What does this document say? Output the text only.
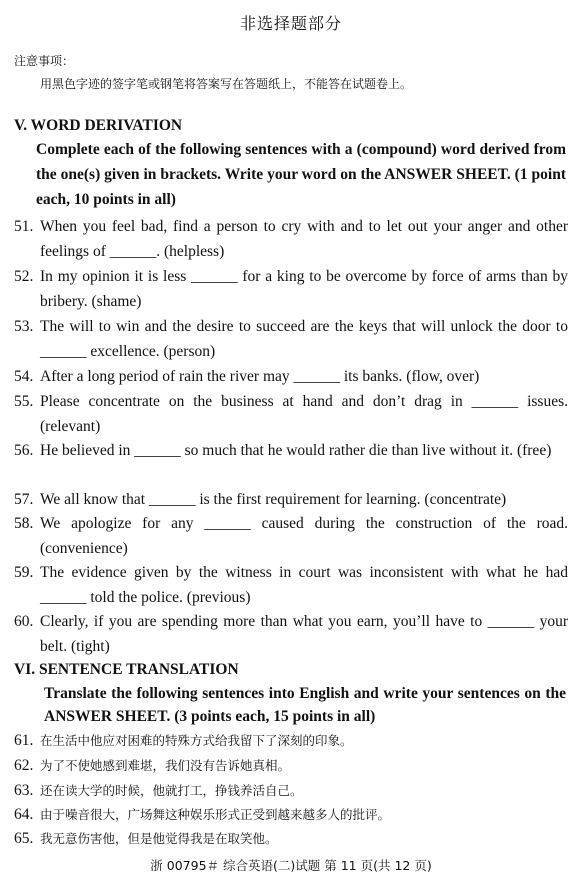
非选择题部分
注意事项：
用黑色字迹的签字笔或钢笔将答案写在答题纸上，不能答在试题卷上。
V. WORD DERIVATION
Complete each of the following sentences with a (compound) word derived from the one(s) given in brackets. Write your word on the ANSWER SHEET. (1 point each, 10 points in all)
51. When you feel bad, find a person to cry with and to let out your anger and other feelings of ______. (helpless)
52. In my opinion it is less ______ for a king to be overcome by force of arms than by bribery. (shame)
53. The will to win and the desire to succeed are the keys that will unlock the door to ______ excellence. (person)
54. After a long period of rain the river may ______ its banks. (flow, over)
55. Please concentrate on the business at hand and don’t drag in ______ issues. (relevant)
56. He believed in ______ so much that he would rather die than live without it. (free)
57. We all know that ______ is the first requirement for learning. (concentrate)
58. We apologize for any ______ caused during the construction of the road. (convenience)
59. The evidence given by the witness in court was inconsistent with what he had ______ told the police. (previous)
60. Clearly, if you are spending more than what you earn, you’ll have to ______ your belt. (tight)
VI. SENTENCE TRANSLATION
Translate the following sentences into English and write your sentences on the ANSWER SHEET. (3 points each, 15 points in all)
61. 在生活中他应对困难的特殊方式给我留下了深刻的印象。
62. 为了不使她感到难堪，我们没有告诉她真相。
63. 还在读大学的时候，他就打工，挣钱养活自己。
64. 由于噪音很大，广场舞这种娱乐形式正受到越来越多人的批评。
65. 我无意伤害他，但是他觉得我是在取笑他。
浙 00795＃ 综合英语(二)试题 第 11 页(共 12 页)
